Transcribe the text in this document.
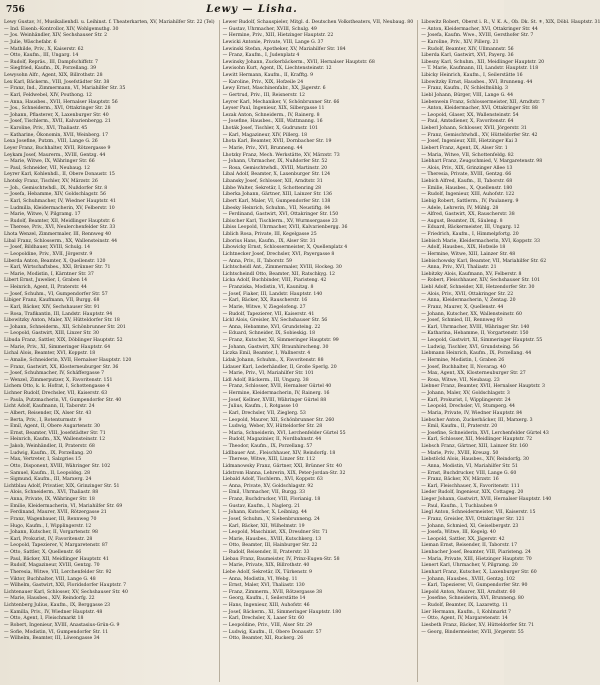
756	Lewy — Lisha.
Lewy Gustav, ℳ, Musikalienhdl. u. Leihinst. f. Theaterkarten, XV, Mariahilfer Str. 22 (Tel)
— Ind. Eisenb.-Kontrollor, XIV, Wohlgemuthg. 30
— Jos. Weinhändler, XIV, Sechshauser Str. 2
— Julie, Wäschefabr. 6
— Mathilde, Priv., X, Kaiserstr. 62
— Otto, Kaufm., III, Ungarg. 14
— Rudolf, Repräs., III, Dampfschiffstr. 7
— Siegfried, Kaufm., IX, Porzellang. 39
Lewysohn Alfr., Agent, XIX, Billrothstr. 28
Lex Karl, Bäckerm., VIII, Josefstädter Str. 38
— Franz, Ind., Zimmermann, VI, Mariahilfer Str. 35
— Karl, Feldwebel, XIV, Pouthong. 12
— Anna, Hausbes., XVII, Hernalser Hauptstr. 56
— Jos., Schneiderm., XVI, Ottakringer Str. 28
— Johann, Pflasterer, X, Laxenburger Str. 40
— Josef, Tischlerm., XVII, Kalvarienbergg. 21
— Karoline, Priv., XVI, Thaliastr. 45
— Katharine, Ökonomin, XVII, Weinberg. 17
Lexa Josefine, Putzm., VIII, Lange G. 26
Leyer Franz, Buchhalter, XVII, Rötzergasse 9
Leykam Josef, Maurerm., XVIII, Gentzg. 44
— Marie, Witwe, IX, Währinger Str. 66
— Paul, Schneider, VII, Neubaug. 12
Leyrer Karl, Kohlenhdl., II, Obere Donaustr. 15
Lhotsky Franz, Tischler, XV, Märzstr. 26
— Joh., Gemischtwhdl., IX, Nußdorfer Str. 8
— Josefa, Hebamme, XIV, Goldschlagstr. 56
— Karl, Schuhmacher, IV, Wiedner Hauptstr. 41
— Ludmilla, Kleidermacherin, XV, Felberstr. 10
— Marie, Witwe, V, Pilgramg. 17
— Rudolf, Beamter, XII, Meidlinger Hauptstr. 6
— Therese, Priv., XVI, Neulerchenfelder Str. 33
Lhota Wenzel, Zimmermaler, III, Rennweg 40
Libal Franz, Schlosserm., XX, Wallensteinstr. 44
— Josef, Bildhauer, XVIII, Schulg. 14
— Leopoldine, Priv., XVII, Jörgerstr. 9
Liberda Anton, Beamter, X, Quellenstr. 120
— Karl, Wirtschaftsbes., XXI, Brünner Str. 71
— Marie, Modistin, I, Kärntner Str. 37
Libert Ernst, Juwelier, I, Graben 14
— Heinrich, Agent, II, Praterstr. 44
— Josef, Schuhm., VI, Gumpendorfer Str. 57
Libiger Franz, Kaufmann, VII, Burgg. 68
— Karl, Bäcker, XIV, Sechshauser Str. 91
— Rosa, Trafikantin, III, Landstr. Hauptstr. 94
Libowitzky Anton, Maler, XV, Hütteldorfer Str. 18
— Johann, Schneiderm., XII, Schönbrunner Str. 201
— Leopold, Gastwirt, XIII, Linzer Str. 30
Libuda Franz, Sattler, XIX, Döblinger Hauptstr. 52
— Marie, Priv., XI, Simmeringer Hauptstr. 64
Lichal Alois, Beamter, XVI, Koppstr. 18
— Amalie, Schneiderin, XVII, Hernalser Hauptstr. 120
— Franz, Gastwirt, XX, Klosterneuburger Str. 36
— Josef, Schuhmacher, IV, Schäffergasse 7
— Wenzel, Zimmerputzer, X, Favoritenstr. 151
Lichem Otto, k. k. Hofrat, I, Schottengasse 4
Lichner Rudolf, Drechsler, VII, Kaiserstr. 63
— Paula, Putzmacherin, VI, Gumpendorfer Str. 40
Licht Adolf, Kaufmann, II, Taborstr. 24
— Albert, Reisender, IX, Alser Str. 43
— Berta, Priv., I, Rotenturmstr. 9
— Emil, Agent, II, Obere Augartenstr. 30
— Ernst, Beamter, VIII, Josefstädter Str. 71
— Heinrich, Kaufm., XX, Wallensteinstr. 12
— Jakob, Weinhändler, II, Praterstr. 68
— Ludwig, Kaufm., IX, Porzellang. 20
— Max, Vertreter, I, Salzgries 15
— Otto, Disponent, XVIII, Währinger Str. 102
— Samuel, Kaufm., II, Leopoldsg. 28
— Sigmund, Kaufm., III, Marxerg. 24
Lichtblau Adolf, Privatier, XIX, Grinzinger Str. 51
— Alois, Schneiderm., XVI, Thaliastr. 88
— Anna, Private, IX, Währinger Str. 18
— Emilie, Kleidermacherin, VI, Mariahilfer Str. 69
— Ferdinand, Maurer, XVII, Rötzergasse 21
— Franz, Wagenbauer, III, Rennweg 70
— Hugo, Kaufm., I, Wipplingerstr. 12
— Johann, Kutscher, II, Vorgartenstr. 98
— Karl, Prokurist, IV, Favoritenstr. 28
— Leopold, Tapezierer, V, Margaretenstr. 87
— Otto, Sattler, X, Quellenstr. 66
— Paul, Bäcker, XII, Meidlinger Hauptstr. 41
— Rudolf, Magazineur, XVIII, Gentzg. 70
— Theresia, Witwe, VII, Lerchenfelder Str. 92
— Viktor, Buchhalter, VIII, Lange G. 48
— Wilhelm, Gastwirt, XXI, Floridsdorfer Hauptstr. 7
Lichtenauer Karl, Schlosser, XV, Sechshauser Str. 40
— Marie, Hausbes., XIV, Reindorfg. 22
Lichtenberg Julius, Kaufm., IX, Berggasse 23
— Kamilla, Priv., IV, Wiedner Hauptstr. 48
— Otto, Agent, I, Fleischmarkt 18
— Robert, Ingenieur, XVIII, Anastasius-Grün-G. 9
— Sofie, Modistin, VI, Gumpendorfer Str. 11
— Wilhelm, Beamter, III, Löwengasse 34
Lewer Rudolf, Schauspieler, Mitgl. d. Deutschen Volkstheaters, VII, Neubaug. 80
— Gustav, Uhrmacher, XVIII, Schulg. 49
— Hermine, Priv., XIII, Hietzinger Hauptstr. 22
Lewicki Antonie, Private, VIII, Lange G. 37
Lewinski Stefan, Apotheker, XV, Mariahilfer Str. 184
— Franz, Kaufm., I, Judenplatz 4
Lewinsky Johann, Zuckerbäckerm., XVII, Hernalser Hauptstr. 68
Lewisohn Kurt, Agent, IX, Liechtensteinstr. 12
Lewitt Hermann, Kaufm., II, Krafftg. 9
— Karoline, Priv., XIX, Hofzeile 24
Lewy Ernst, Maschinenfabr., XX, Jägerstr. 6
— Gertrud, Priv., III, Reisnerstr. 12
Leyrer Karl, Mechaniker, V, Schönbrunner Str. 66
Leyser Paul, Ingenieur, XIX, Silbergasse 11
Lezak Anton, Schneiderm., IV, Rainerg. 8
— Josefine, Hausbes., XIII, Wattmanng. 16
Lhoták Josef, Tischler, X, Gudrunstr. 101
— Karl, Magazineur, XIV, Pillerg. 18
Lhota Karl, Beamter, XVII, Dornbacher Str. 19
— Marie, Priv., XVI, Brunneng. 44
Lhotzky Franz, Mech. Werkstätte, XV, Märzstr. 73
— Johann, Uhrmacher, IX, Nußdorfer Str. 52
— Rosa, Gemischtwhdl., XVIII, Martinstr. 20
Libal Adolf, Beamter, X, Laxenburger Str. 124
Libansky Josef, Schlosser, XII, Arndtstr. 31
Libbe Walter, Sekretär, I, Schottenring 28
Liberka Johann, Gärtner, XIII, Lainzer Str. 136
Libert Karl, Maler, VI, Gumpendorfer Str. 138
Libesky Heinrich, Schuhm., VII, Neustiftg. 84
— Ferdinand, Gastwirt, XVI, Ottakringer Str. 150
Libischer Karl, Tischlerm., XV, Wurmsergasse 23
Libiss Leopold, Uhrmacher, XVII, Kalvarienbergg. 36
Liblich Rosa, Private, III, Kegelgasse 25
Liborius Hans, Kaufm., IX, Alser Str. 31
Libowicky Ernst, Schlossermeister, X, Quellenplatz 4
Lichtnecker Josef, Drechsler, XVI, Payergasse 8
— Anna, Priv., II, Taborstr. 59
Lichtscheidl Ant., Zimmermaler, XVIII, Hockeg. 30
Lichtscheindl Otto, Beamter, XII, Ratschkyg. 12
Licka Adolf, Buchbinder, VIII, Piaristeng. 42
— Franziska, Modistin, VI, Kaunitzg. 8
— Josef, Fiaker, III, Landstr. Hauptstr. 140
— Karl, Bäcker, XX, Rauscherstr. 16
— Marie, Witwe, V, Ziegelofeng. 27
— Rudolf, Tapezierer, VII, Kaiserstr. 41
Lickl Alois, Greisler, XV, Sechshauser Str. 56
— Anna, Hebamme, XVI, Grundsteing. 22
— Eduard, Schneider, IX, Sobieskig. 18
— Franz, Kutscher, XI, Simmeringer Hauptstr. 99
— Johann, Gastwirt, XIV, Braunhirscheng. 30
Liczka Emil, Beamter, I, Wallnerstr. 4
Lidak Johann, Schuhm., X, Favoritenstr. 88
Lidauer Karl, Lederhändler, II, Große Sperlg. 20
— Marie, Priv., VI, Mariahilfer Str. 101
Lidl Adolf, Bäckerm., III, Ungarg. 38
— Franz, Schlosser, XVII, Hernalser Gürtel 40
— Hermine, Kleidermacherin, IV, Rainerg. 16
— Josef, Kellner, XVIII, Währinger Gürtel 88
— Julius, Kaufm., I, Rotgasse 10
— Karl, Drechsler, VII, Zieglerg. 53
— Leopold, Maurer, XII, Schönbrunner Str. 260
— Ludwig, Weber, XV, Hütteldorfer Str. 28
— Maria, Schneiderin, XVI, Lerchenfelder Gürtel 55
— Rudolf, Magazinier, II, Nordbahnstr. 44
— Theodor, Kaufm., IX, Porzellang. 57
Lidlbauer Ant., Fleischhauer, XIV, Reindorfg. 18
— Therese, Witwe, XIII, Linzer Str. 112
Lidmanowsky Franz, Gärtner, XXI, Brünner Str. 40
Lidstrom Hanna, Lehrerin, XIX, Peter-Jordan-Str. 32
Liebald Adolf, Tischlerm., XVI, Koppstr. 63
— Anna, Private, XV, Goldschlagstr. 92
— Emil, Uhrmacher, VII, Burgg. 33
— Franz, Buchdrucker, VIII, Florianig. 18
— Gustav, Kaufm., I, Naglerg. 21
— Johann, Kutscher, X, Leibnizg. 44
— Josef, Schuhm., V, Siebenbrunneng. 24
— Karl, Bäcker, XII, Wilhelmstr. 19
— Leopold, Maschinist, XX, Dresdner Str. 71
— Marie, Hausbes., XVIII, Kutschkerg. 13
— Otto, Beamter, III, Hainburger Str. 22
— Rudolf, Reisender, II, Praterstr. 33
Liebau Franz, Baumeister, IV, Prinz-Eugen-Str. 58
— Marie, Private, XIX, Billrothstr. 40
Liebe Adolf, Sekretär, IX, Türkenstr. 9
— Anna, Modistin, VI, Webg. 11
— Ernst, Maler, XVI, Thaliastr. 130
— Franz, Zimmerm., XVII, Rötzergasse 38
— Georg, Kaufm., I, Seilerstätte 14
— Hans, Ingenieur, XIII, Auhofstr. 46
— Josef, Bäckerm., XI, Simmeringer Hauptstr. 180
— Karl, Drechsler, X, Laaer Str. 60
— Leopoldine, Priv., VIII, Alser Str. 29
— Ludwig, Kaufm., II, Obere Donaustr. 57
— Otto, Beamter, XII, Ruckerg. 26
Libowitz Robert, Oberst i. R., V. K. A., Ob. Dk. St. ⚜, XIX, Döbl. Hauptstr. 31
— Anton, Kleidermacher, XVI, Ottakringer Str. 44
— Josefa, Kaufm. Wwe., XVIII, Gersthofer Str. 7
— Karoline, Priv., XIV, Pillerg. 21
— Rudolf, Beamter, XIV, Ullmannstr. 56
Liberda Karl, Gastwirt, XVI, Payerg. 36
Libesny Karl, Schuhm., XII, Meidlinger Hauptstr. 20
— T. Marie, Kaufmann, III, Landstr. Hauptstr. 118
Libicky Heinrich, Kaufm., I, Seilerstätte 16
Libowitzky Ernst, Hausbes., XVI, Brunneng. 44
— Franz, Kaufm., IV, Schleifmühlg. 3
Liebl Johann, Bürger, VIII, Lange G. 44
Liebenwein Franz, Schlossermeister, XII, Arndtstr. 7
— Anton, Kleidermacher, XVI, Ottakringer Str. 88
— Leopold, Glaser, XX, Wallensteinstr. 54
— Paul, Amtsdiener, X, Favoritenstr. 64
Lieberl Johann, Schlosser, XVII, Jörgerstr. 31
— Franz, Gemischtwhdl., XV, Hütteldorfer Str. 42
— Josef, Ingenieur, XIII, Hietzinger Kai 3
Liebert Franz, Agent, IX, Alser Str. 1
— Maria, Witwe, VII, Schottenfeldg. 82
Liebhart Franz, Zeugschmied, V, Margaretenstr. 98
— Alois, Priv., XIX, Grinzinger Allee 13
— Theresia, Private, XVIII, Gentzg. 66
Liebich Alfred, Kaufm., II, Taborstr. 68
— Emilie, Hausbes., X, Quellenstr. 180
— Rudolf, Ingenieur, XIII, Auhofstr. 122
Liebig Robert, Sattlerm., IV, Paulanerg. 9
— Adele, Lehrerin, IV, Mühlg. 28
— Alfred, Gastwirt, XX, Rauscherstr. 38
— August, Beamter, IX, Säuleng. 8
— Eduard, Bäckermeister, III, Ungarg. 12
— Friedrich, Kaufm., I, Himmelpfortg. 20
Liebisch Marie, Kleidermacherin, XVI, Koppstr. 33
— Adolf, Hausbes., XIX, Hofzeile 18
— Hermine, Witwe, XIII, Lainzer Str. 48
Liebischowsky Karl, Beamter, VII, Mariahilfer Str. 62
— Anna, Priv., XVI, Thaliastr. 21
Liebitzky Alois, Kaufmann, XV, Felberstr. 8
— Robert, Fleischhauer, XIV, Sechshauser Str. 101
Liebl Adolf, Schneider, XII, Hetzendorfer Str. 30
— Alois, Priv., XVII, Ottakringer Str. 22
— Anna, Kleidermacherin, V, Zentag. 20
— Franz, Maurer, X, Quellenstr. 44
— Johann, Kutscher, XX, Wallensteinstr. 60
— Josef, Schmied, III, Rennweg 93
— Karl, Uhrmacher, XVIII, Währinger Str. 140
— Katharina, Hebamme, II, Vorgartenstr. 150
— Leopold, Gastwirt, XI, Simmeringer Hauptstr. 55
— Ludwig, Tischler, XVI, Grundsteing. 56
Liebmann Heinrich, Kaufm., IX, Porzellang. 44
— Hermine, Modistin, I, Graben 26
— Josef, Buchhalter, II, Novarag. 40
— Max, Agent, XX, Klosterneuburger Str. 27
— Rosa, Witwe, VII, Neubaug. 23
Liebner Franz, Beamter, XVII, Hernalser Hauptstr. 3
— Johann, Maler, XV, Goldschlagstr. 3
— Karl, Prokurist, I, Wipplingerstr. 24
— Leopold, Drechsler, VI, Stumperg. 44
— Maria, Private, IV, Wiedner Hauptstr. 84
Liebscher Anton, Zuckerbäcker, III, Marxerg. 3
— Emil, Kaufm., II, Praterstr. 20
— Josefine, Schneiderin, XVI, Lerchenfelder Gürtel 43
— Karl, Schlosser, XII, Meidlinger Hauptstr. 72
Liebsch Franz, Gärtner, XIII, Lainzer Str. 160
— Marie, Priv., XVIII, Kreuzg. 50
Liebstöckl Alois, Hausbes., XIV, Reindorfg. 30
— Anna, Modistin, VI, Mariahilfer Str. 51
— Ernst, Buchdrucker, VIII, Lange G. 60
— Franz, Bäcker, XV, Märzstr. 16
— Karl, Fleischhauer, X, Favoritenstr. 111
Lieder Rudolf, Ingenieur, XIX, Cottageg. 20
Lieger Johann, Gastwirt, XVII, Hernalser Hauptstr. 140
— Paul, Kaufm., I, Tuchlauben 9
Liegl Anton, Schneidermeister, VII, Kaiserstr. 15
— Franz, Greisler, XVI, Ottakringer Str. 121
— Johann, Schmied, XI, Geiselbergstr. 23
— Josefa, Witwe, III, Kegelg. 40
— Leopold, Sattler, XX, Jägerstr. 42
Lieman Ernst, Reisender, II, Taborstr. 17
Lienbacher Josef, Beamter, VIII, Piaristeng. 24
— Maria, Private, XIII, Hietzinger Hauptstr. 70
Lienert Karl, Uhrmacher, V, Pilgramg. 20
Lienhart Franz, Kutscher, X, Laxenburger Str. 60
— Johann, Hausbes., XVIII, Gentzg. 102
— Karl, Tapezierer, VI, Gumpendorfer Str. 90
Liepold Anton, Maurer, XII, Arndtstr. 60
— Josefine, Schneiderin, XVI, Brunneng. 80
— Rudolf, Beamter, IX, Lazarettg. 11
Lier Hermann, Kaufm., I, Kohlmarkt 7
— Otto, Agent, IV, Margaretenstr. 14
Liesbeth Franz, Bäcker, XV, Hütteldorfer Str. 71
— Georg, Bindermeister, XVII, Jörgerstr. 55
